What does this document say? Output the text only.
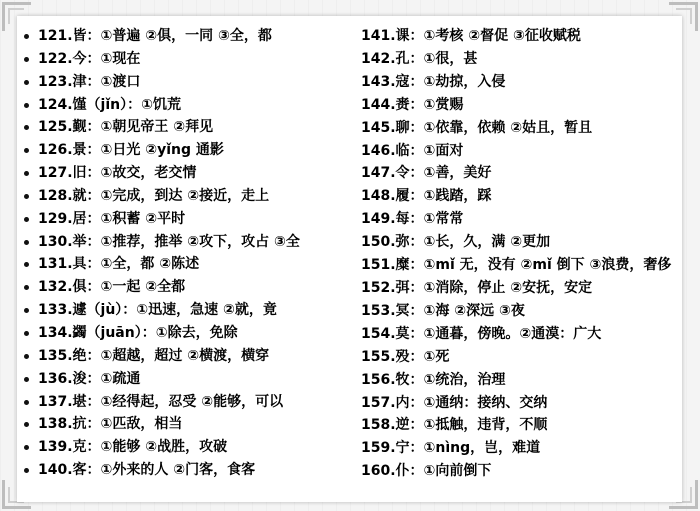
121.皆：①普遍 ②俱，一同 ③全，都
122.今：①现在
123.津：①渡口
124.馑（jǐn）：①饥荒
125.觐：①朝见帝王 ②拜见
126.景：①日光 ②yǐng 通影
127.旧：①故交，老交情
128.就：①完成，到达 ②接近，走上
129.居：①积蓄 ②平时
130.举：①推荐，推举 ②攻下，攻占 ③全
131.具：①全，都 ②陈述
132.俱：①一起 ②全都
133.遽（jù）：①迅速，急速 ②就，竟
134.蠲（juān）：①除去，免除
135.绝：①超越，超过 ②横渡，横穿
136.浚：①疏通
137.堪：①经得起，忍受 ②能够，可以
138.抗：①匹敌，相当
139.克：①能够 ②战胜，攻破
140.客：①外来的人 ②门客，食客
141.课：①考核 ②督促 ③征收赋税
142.孔：①很，甚
143.寇：①劫掠，入侵
144.赉：①赏赐
145.聊：①依靠，依赖 ②姑且，暂且
146.临：①面对
147.令：①善，美好
148.履：①践踏，踩
149.每：①常常
150.弥：①长，久，满 ②更加
151.糜：①mǐ 无，没有 ②mǐ 倒下 ③浪费，奢侈
152.弭：①消除，停止 ②安抚，安定
153.冥：①海 ②深远 ③夜
154.莫：①通暮，傍晚。②通漠：广大
155.殁：①死
156.牧：①统治，治理
157.内：①通纳：接纳、交纳
158.逆：①抵触，违背，不顺
159.宁：①nìng，岂，难道
160.仆：①向前倒下
